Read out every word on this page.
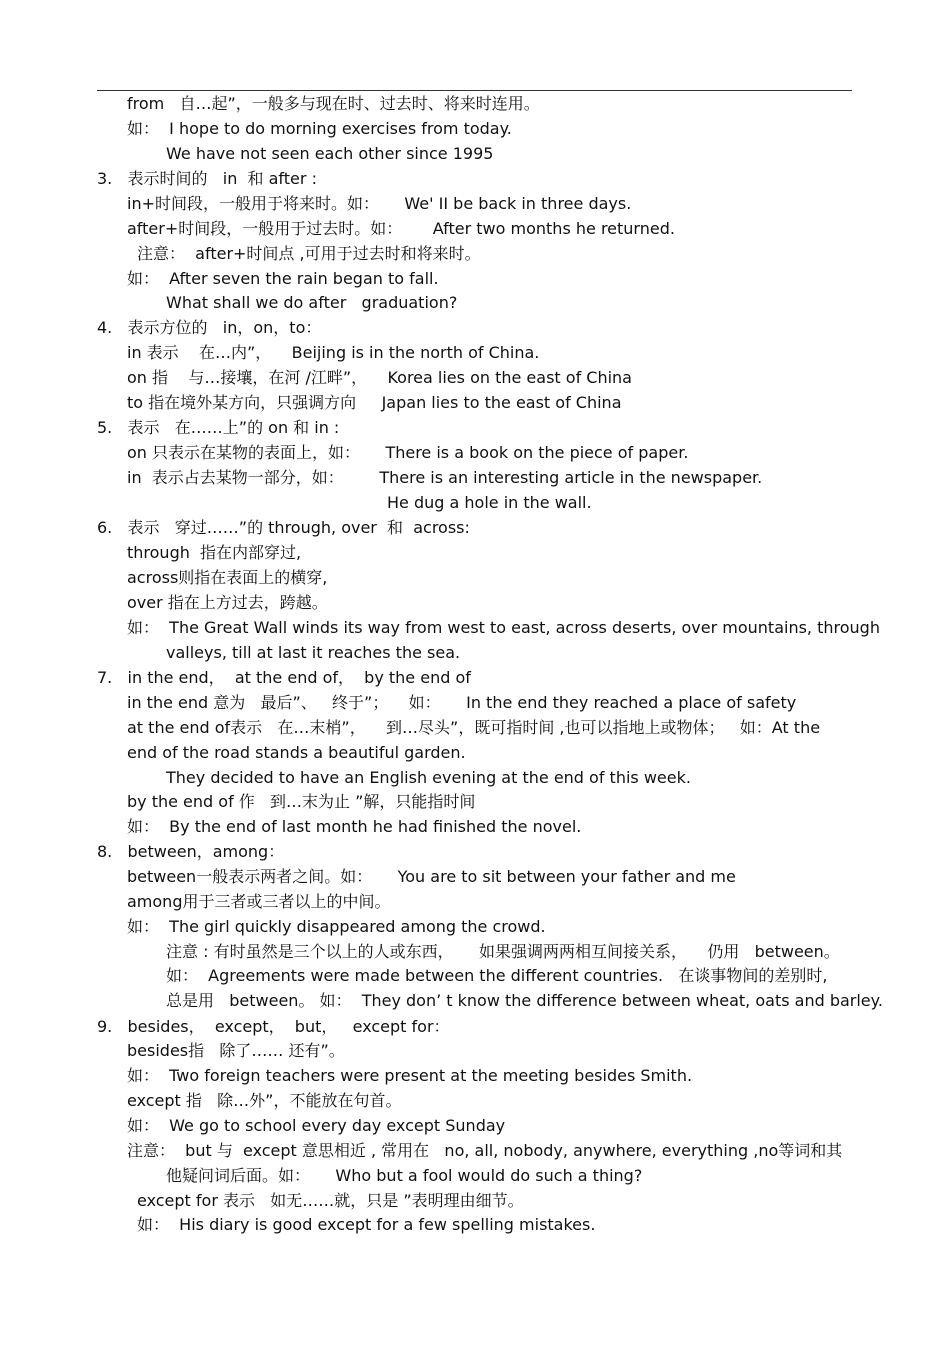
from   自…起”，一般多与现在时、过去时、将来时连用。
如：  I hope to do morning exercises from today.
We have not seen each other since 1995
3.   表示时间的   in  和 after :
in+时间段，一般用于将来时。如：     We' II be back in three days.
after+时间段，一般用于过去时。如：      After two months he returned.
注意：  after+时间点 ,可用于过去时和将来时。
如：  After seven the rain began to fall.
What shall we do after   graduation?
4.   表示方位的   in，on，to：
in 表示    在…内”，    Beijing is in the north of China.
on 指    与…接壤，在河 /江畔”，    Korea lies on the east of China
to 指在境外某方向，只强调方向     Japan lies to the east of China
5.   表示   在……上”的 on 和 in :
on 只表示在某物的表面上，如：     There is a book on the piece of paper.
in  表示占去某物一部分，如：       There is an interesting article in the newspaper.
He dug a hole in the wall.
6.   表示   穿过……”的 through, over  和  across:
through  指在内部穿过,
across则指在表面上的横穿,
over 指在上方过去，跨越。
如：  The Great Wall winds its way from west to east, across deserts, over mountains, through
valleys, till at last it reaches the sea.
7.   in the end，  at the end of，  by the end of
in the end 意为   最后”、   终于”；    如：     In the end they reached a place of safety
at the end of表示   在…末梢”，    到…尽头”，既可指时间 ,也可以指地上或物体；   如：At the
end of the road stands a beautiful garden.
They decided to have an English evening at the end of this week.
by the end of 作   到…末为止 ”解，只能指时间
如：  By the end of last month he had finished the novel.
8.   between，among：
between一般表示两者之间。如：     You are to sit between your father and me
among用于三者或三者以上的中间。
如：  The girl quickly disappeared among the crowd.
注意 : 有时虽然是三个以上的人或东西，     如果强调两两相互间接关系，    仍用   between。
如：  Agreements were made between the different countries.   在谈事物间的差别时,
总是用   between。 如：  They don’ t know the difference between wheat, oats and barley.
9.   besides，  except，  but，   except for：
besides指   除了…… 还有”。
如：  Two foreign teachers were present at the meeting besides Smith.
except 指   除…外”，不能放在句首。
如：  We go to school every day except Sunday
注意：  but 与  except 意思相近 , 常用在   no, all, nobody, anywhere, everything ,no等词和其
他疑问词后面。如：     Who but a fool would do such a thing?
except for 表示   如无……就，只是 ”表明理由细节。
如：  His diary is good except for a few spelling mistakes.
